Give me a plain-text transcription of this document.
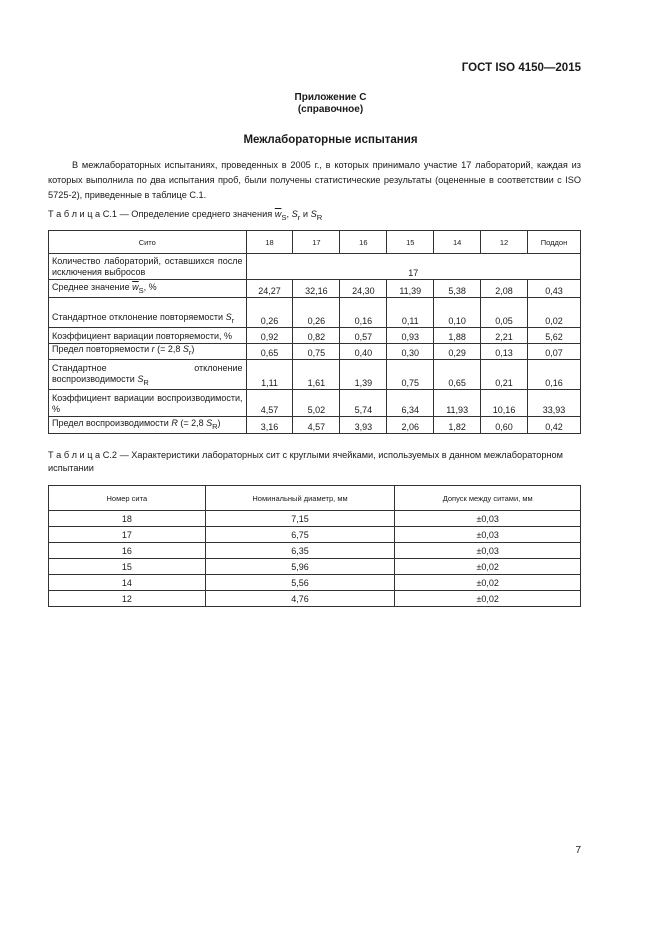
ГОСТ ISO 4150—2015
Приложение С
(справочное)
Межлабораторные испытания
В межлабораторных испытаниях, проведенных в 2005 г., в которых принимало участие 17 лабораторий, каждая из которых выполнила по два испытания проб, были получены статистические результаты (оцененные в соответствии с ISO 5725-2), приведенные в таблице С.1.
Т а б л и ц а С.1 — Определение среднего значения $\overline{w}_S$, $S_r$ и $S_R$
Сито	18	17	16	15	14	12	Поддон
Количество лабораторий, оставшихся после исключения выбросов	17						
Среднее значение $\overline{w}_S$, %	24,27	32,16	24,30	11,39	5,38	2,08	0,43
Стандартное отклонение повторяемости $S_r$	0,26	0,26	0,16	0,11	0,10	0,05	0,02
Коэффициент вариации повторяемости, %	0,92	0,82	0,57	0,93	1,88	2,21	5,62
Предел повторяемости r (= 2,8 $S_r$)	0,65	0,75	0,40	0,30	0,29	0,13	0,07
Стандартное отклонение воспроизводимости $S_R$	1,11	1,61	1,39	0,75	0,65	0,21	0,16
Коэффициент вариации воспроизводимости, %	4,57	5,02	5,74	6,34	11,93	10,16	33,93
Предел воспроизводимости R (= 2,8 $S_R$)	3,16	4,57	3,93	2,06	1,82	0,60	0,42
Т а б л и ц а С.2 — Характеристики лабораторных сит с круглыми ячейками, используемых в данном межлабораторном испытании
Номер сита	Номинальный диаметр, мм	Допуск между ситами, мм
18	7,15	±0,03
17	6,75	±0,03
16	6,35	±0,03
15	5,96	±0,02
14	5,56	±0,02
12	4,76	±0,02
7
